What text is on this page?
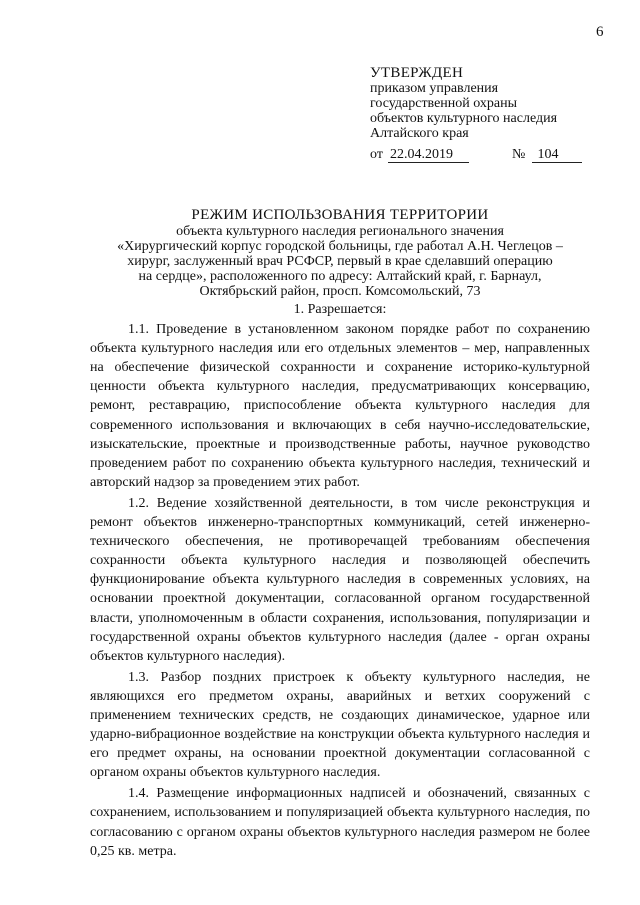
6
УТВЕРЖДЕН
приказом управления
государственной охраны
объектов культурного наследия
Алтайского края
от 22.04.2019	№ 104
РЕЖИМ ИСПОЛЬЗОВАНИЯ ТЕРРИТОРИИ
объекта культурного наследия регионального значения
«Хирургический корпус городской больницы, где работал А.Н. Чеглецов –
хирург, заслуженный врач РСФСР, первый в крае сделавший операцию
на сердце», расположенного по адресу: Алтайский край, г. Барнаул,
Октябрьский район, просп. Комсомольский, 73
1. Разрешается:

1.1. Проведение в установленном законом порядке работ по сохранению объекта культурного наследия или его отдельных элементов – мер, направленных на обеспечение физической сохранности и сохранение историко-культурной ценности объекта культурного наследия, предусматривающих консервацию, ремонт, реставрацию, приспособление объекта культурного наследия для современного использования и включающих в себя научно-исследовательские, изыскательские, проектные и производственные работы, научное руководство проведением работ по сохранению объекта культурного наследия, технический и авторский надзор за проведением этих работ.

1.2. Ведение хозяйственной деятельности, в том числе реконструкция и ремонт объектов инженерно-транспортных коммуникаций, сетей инженерно-технического обеспечения, не противоречащей требованиям обеспечения сохранности объекта культурного наследия и позволяющей обеспечить функционирование объекта культурного наследия в современных условиях, на основании проектной документации, согласованной органом государственной власти, уполномоченным в области сохранения, использования, популяризации и государственной охраны объектов культурного наследия (далее - орган охраны объектов культурного наследия).

1.3. Разбор поздних пристроек к объекту культурного наследия, не являющихся его предметом охраны, аварийных и ветхих сооружений с применением технических средств, не создающих динамическое, ударное или ударно-вибрационное воздействие на конструкции объекта культурного наследия и его предмет охраны, на основании проектной документации согласованной с органом охраны объектов культурного наследия.

1.4. Размещение информационных надписей и обозначений, связанных с сохранением, использованием и популяризацией объекта культурного наследия, по согласованию с органом охраны объектов культурного наследия размером не более 0,25 кв. метра.
